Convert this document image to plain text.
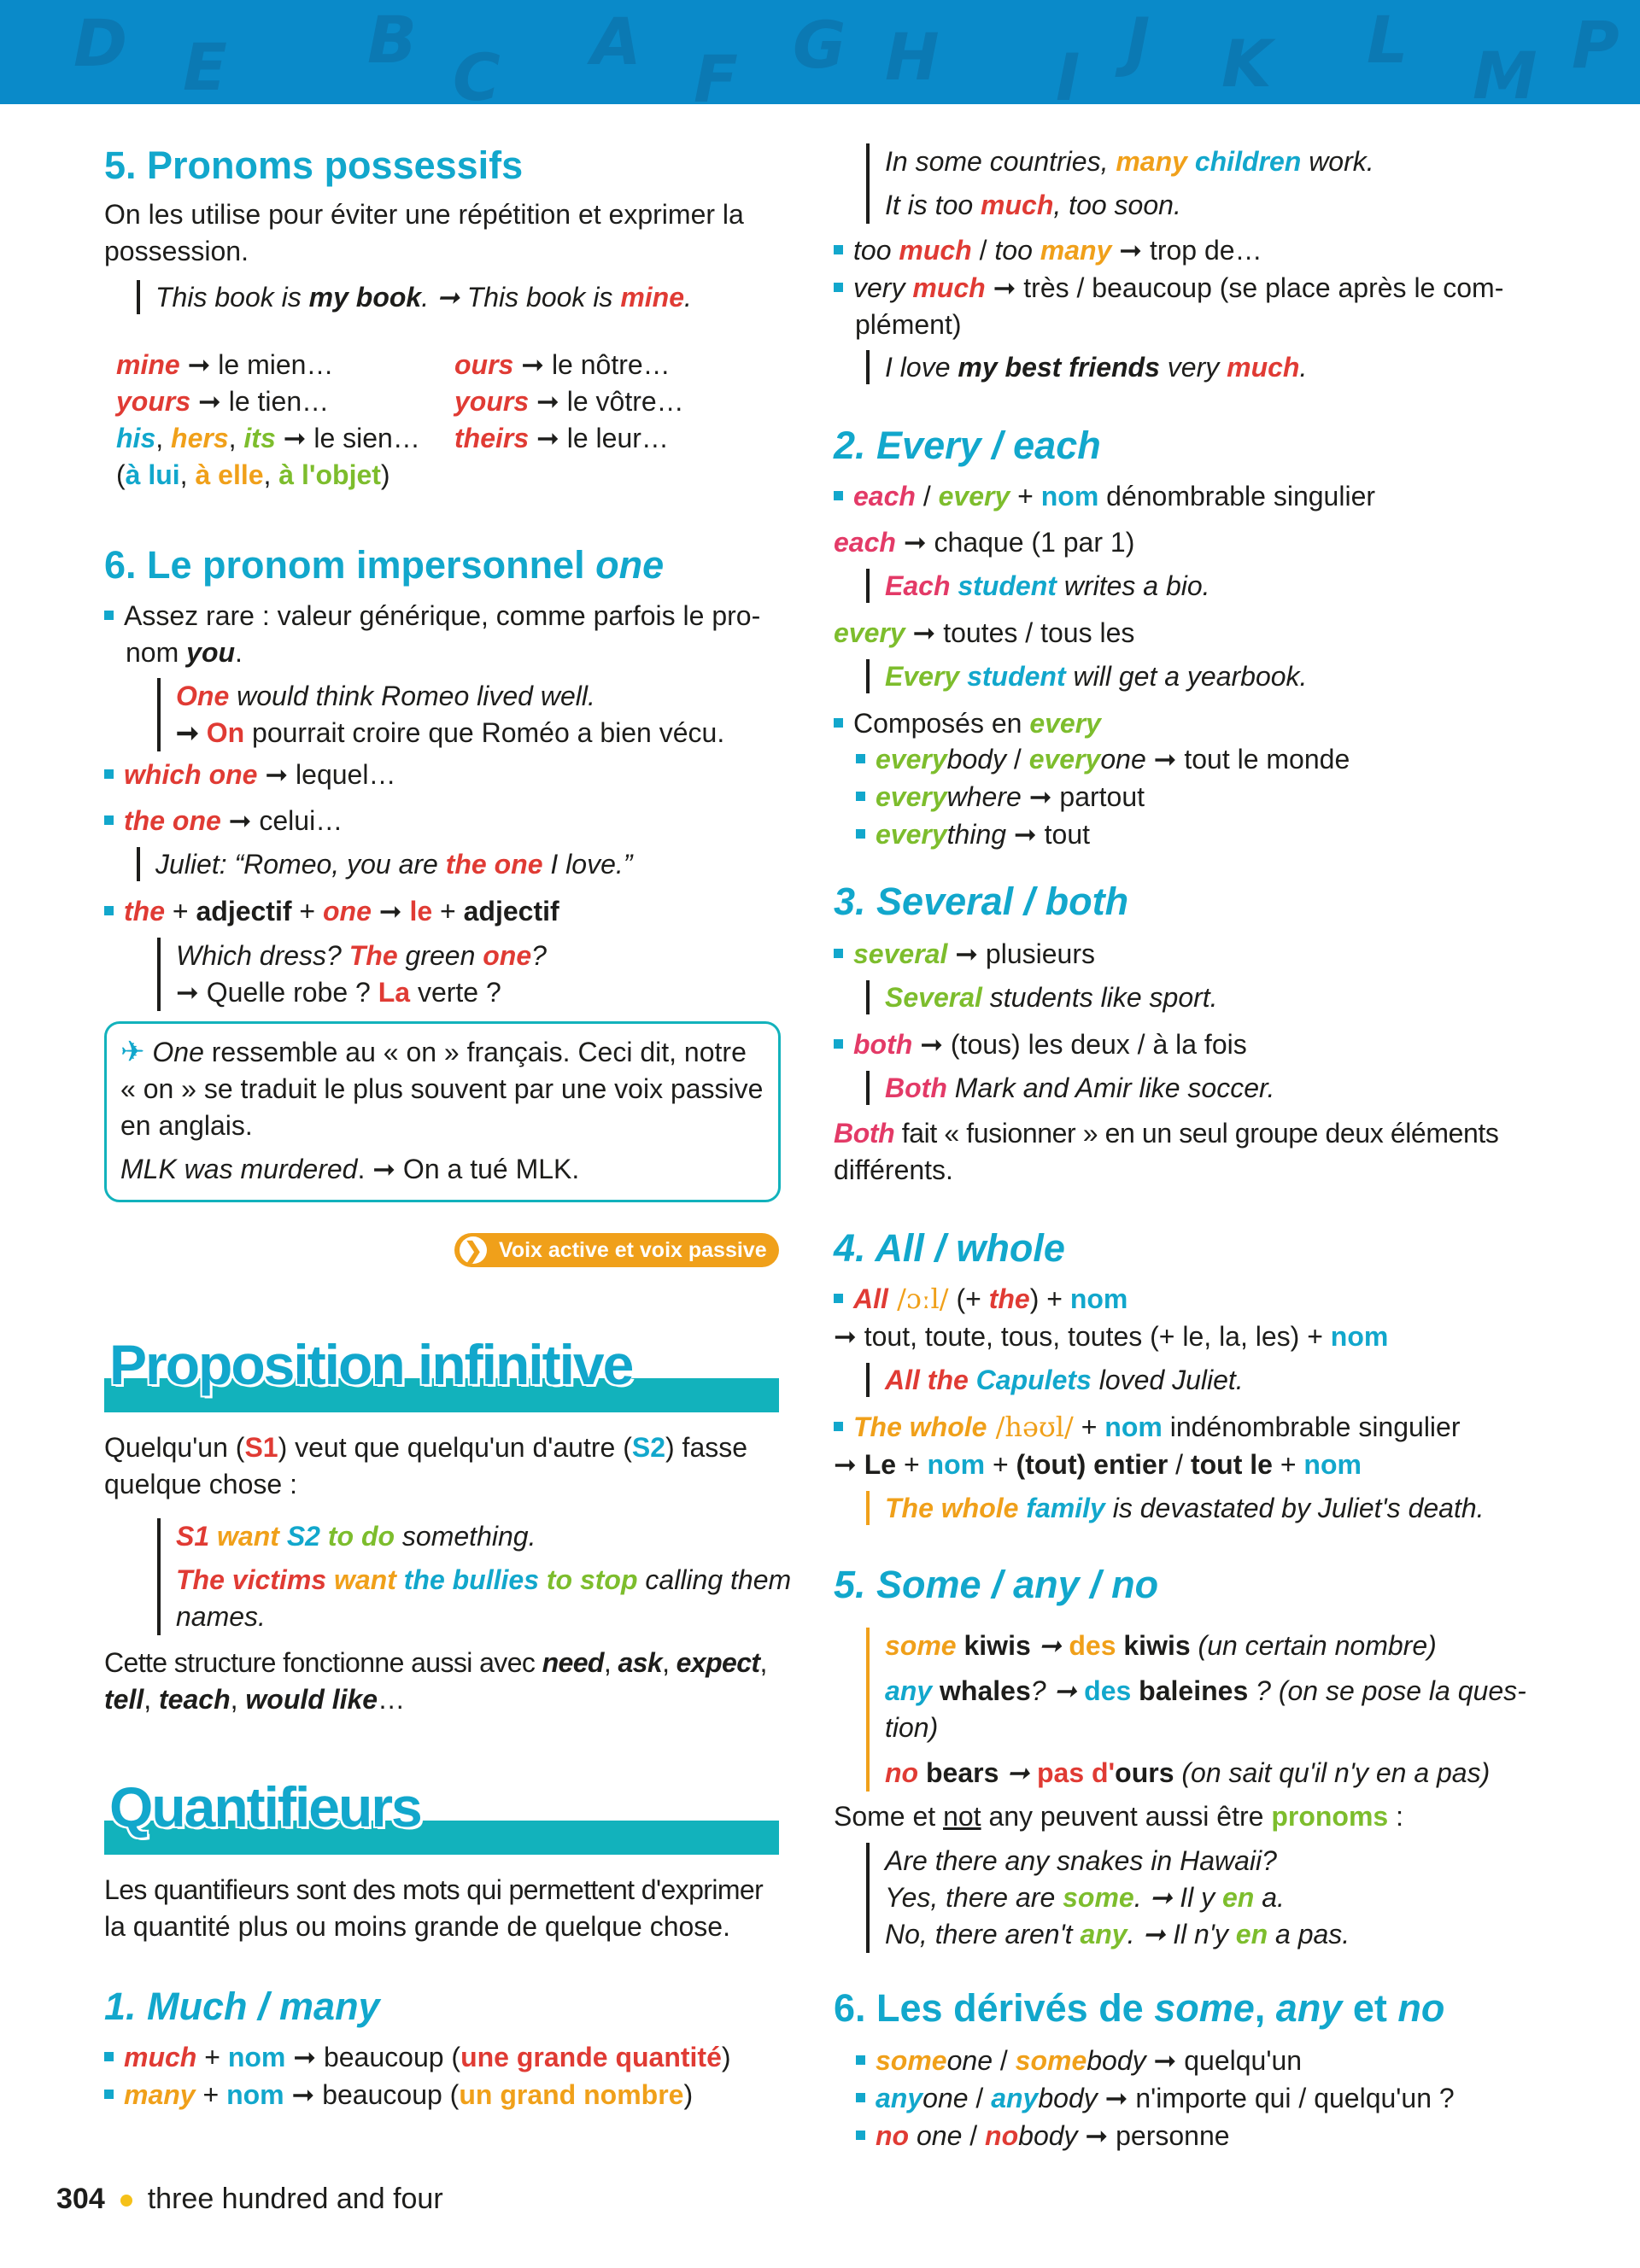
D E B C A F G H I J K L M P
5. Pronoms possessifs
On les utilise pour éviter une répétition et exprimer la possession.
This book is my book. ➞ This book is mine.
mine ➞ le mien…	ours ➞ le nôtre…
yours ➞ le tien…	yours ➞ le vôtre…
his, hers, its ➞ le sien… theirs ➞ le leur…
(à lui, à elle, à l'objet)
6. Le pronom impersonnel one
Assez rare : valeur générique, comme parfois le pro-
nom you.
One would think Romeo lived well.
➞ On pourrait croire que Roméo a bien vécu.
which one ➞ lequel…
the one ➞ celui…
Juliet: “Romeo, you are the one I love.”
the + adjectif + one ➞ le + adjectif
Which dress? The green one?
➞ Quelle robe ? La verte ?
✈ One ressemble au « on » français. Ceci dit, notre
« on » se traduit le plus souvent par une voix passive
en anglais.
MLK was murdered. ➞ On a tué MLK.
❯ Voix active et voix passive
Proposition infinitive
Quelqu'un (S1) veut que quelqu'un d'autre (S2) fasse
quelque chose :
S1 want S2 to do something.
The victims want the bullies to stop calling them
names.
Cette structure fonctionne aussi avec need, ask, expect,
tell, teach, would like…
Quantifieurs
Les quantifieurs sont des mots qui permettent d'exprimer
la quantité plus ou moins grande de quelque chose.
1. Much / many
much + nom ➞ beaucoup (une grande quantité)
many + nom ➞ beaucoup (un grand nombre)
In some countries, many children work.
It is too much, too soon.
too much / too many ➞ trop de…
very much ➞ très / beaucoup (se place après le com-
plément)
I love my best friends very much.
2. Every / each
each / every + nom dénombrable singulier
each ➞ chaque (1 par 1)
Each student writes a bio.
every ➞ toutes / tous les
Every student will get a yearbook.
Composés en every
everybody / everyone ➞ tout le monde
everywhere ➞ partout
everything ➞ tout
3. Several / both
several ➞ plusieurs
Several students like sport.
both ➞ (tous) les deux / à la fois
Both Mark and Amir like soccer.
Both fait « fusionner » en un seul groupe deux éléments
différents.
4. All / whole
All /ɔːl/ (+ the) + nom
➞ tout, toute, tous, toutes (+ le, la, les) + nom
All the Capulets loved Juliet.
The whole /həʊl/ + nom indénombrable singulier
➞ Le + nom + (tout) entier / tout le + nom
The whole family is devastated by Juliet's death.
5. Some / any / no
some kiwis ➞ des kiwis (un certain nombre)
any whales? ➞ des baleines ? (on se pose la ques-
tion)
no bears ➞ pas d'ours (on sait qu'il n'y en a pas)
Some et not any peuvent aussi être pronoms :
Are there any snakes in Hawaii?
Yes, there are some. ➞ Il y en a.
No, there aren't any. ➞ Il n'y en a pas.
6. Les dérivés de some, any et no
someone / somebody ➞ quelqu'un
anyone / anybody ➞ n'importe qui / quelqu'un ?
no one / nobody ➞ personne
304 three hundred and four
